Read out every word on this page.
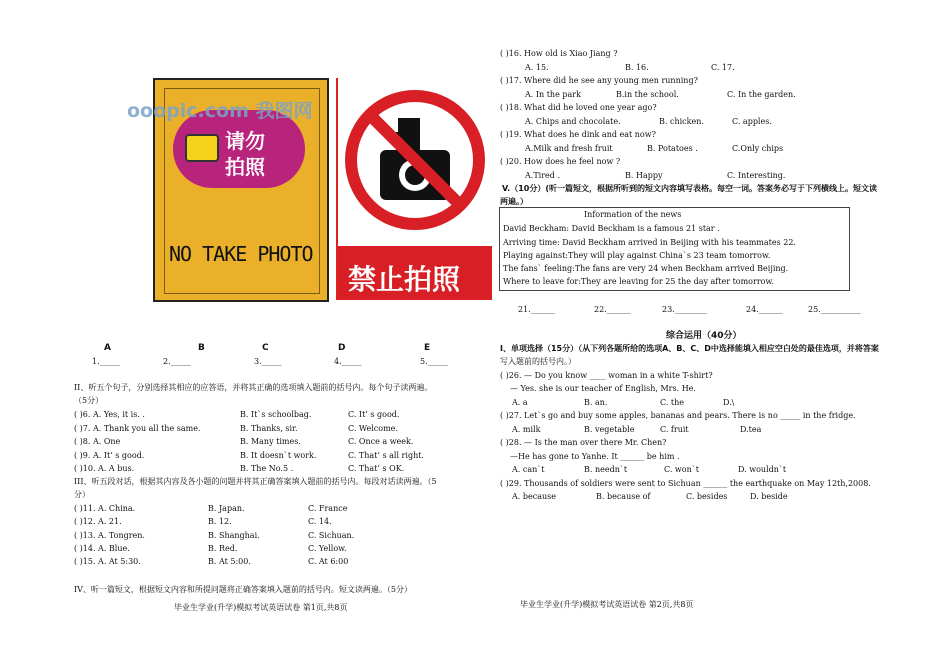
请勿
拍照
NO TAKE PHOTO
禁止拍照
ooopic.com 我图网
A	B	C	D	E
1._____	2._____	3._____	4._____	5._____
II、听五个句子，分别选择其相应的应答语，并将其正确的选项填入题前的括号内。每个句子读两遍。
（5分）
( )6. A. Yes, it is. .	B. It`s schoolbag.	C. It’ s good.
( )7. A. Thank you all the same.	B. Thanks, sir.	C. Welcome.
( )8. A. One	B. Many times.	C. Once a week.
( )9. A. It’ s good.	B. It doesn`t work.	C. That’ s all right.
( )10. A. A bus.	B. The No.5 .	C. That’ s OK.
III、听五段对话，根据其内容及各小题的问题并将其正确答案填入题前的括号内。每段对话读两遍。（5
分）
( )11. A. China.	B. Japan.	C. France
( )12. A. 21.	B. 12.	C. 14.
( )13. A. Tongren.	B. Shanghai.	C. Sichuan.
( )14. A. Blue.	B. Red.	C. Yellow.
( )15. A. At 5:30.	B. At 5:00.	C. At 6:00
IV、听一篇短文，根据短文内容和所提问题将正确答案填入题前的括号内。短文读两遍。（5分）
毕业生学业(升学)模拟考试英语试卷 第1页,共8页
( )16. How old is Xiao Jiang ?
A. 15.	B. 16.	C. 17.
( )17. Where did he see any young men running?
A. In the park	B.in the school.	C. In the garden.
( )18. What did he loved one year ago?
A. Chips and chocolate.	B. chicken.	C. apples.
( )19. What does he dink and eat now?
A.Milk and fresh fruit	B. Potatoes .	C.Only chips
( )20. How does he feel now ?
A.Tired .	B. Happy	C. Interesting.
V.（10分）(听一篇短文，根据所听到的短文内容填写表格。每空一词。答案务必写于下列横线上。短文读
两遍。）
Information of the news
David Beckham: David Beckham is a famous 21 star .
Arriving time: David Beckham arrived in Beijing with his teammates 22.
Playing against:They will play against China`s 23 team tomorrow.
The fans` feeling:The fans are very 24 when Beckham arrived Beijing.
Where to leave for:They are leaving for 25 the day after tomorrow.
21.______	22.______	23.________	24.______	25.__________
综合运用（40分）
I、单项选择（15分）（从下列各题所给的选项A、B、C、D中选择能填入相应空白处的最佳选项，并将答案
写入题前的括号内。）
( )26. — Do you know ____ woman in a white T-shirt?
— Yes. she is our teacher of English, Mrs. He.
A. a	B. an.	C. the	D.\
( )27. Let`s go and buy some apples, bananas and pears. There is no _____ in the fridge.
A. milk	B. vegetable	C. fruit	D.tea
( )28. — Is the man over there Mr. Chen?
—He has gone to Yanhe. It ______ be him .
A. can`t	B. needn`t	C. won`t	D. wouldn`t
( )29. Thousands of soldiers were sent to Sichuan ______ the earthquake on May 12th,2008.
A. because	B. because of	C. besides	D. beside
毕业生学业(升学)模拟考试英语试卷 第2页,共8页
